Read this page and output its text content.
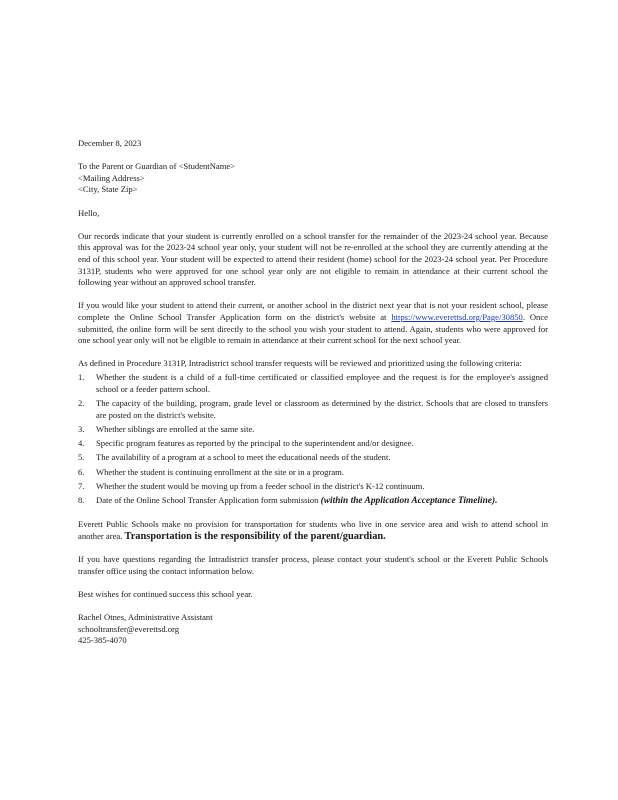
December 8, 2023

To the Parent or Guardian of <StudentName>
<Mailing Address>
<City, State Zip>

Hello,

Our records indicate that your student is currently enrolled on a school transfer for the remainder of the 2023-24 school year. Because this approval was for the 2023-24 school year only, your student will not be re-enrolled at the school they are currently attending at the end of this school year. Your student will be expected to attend their resident (home) school for the 2023-24 school year. Per Procedure 3131P, students who were approved for one school year only are not eligible to remain in attendance at their current school the following year without an approved school transfer.

If you would like your student to attend their current, or another school in the district next year that is not your resident school, please complete the Online School Transfer Application form on the district's website at https://www.everettsd.org/Page/30850. Once submitted, the online form will be sent directly to the school you wish your student to attend. Again, students who were approved for one school year only will not be eligible to remain in attendance at their current school for the next school year.

As defined in Procedure 3131P, Intradistrict school transfer requests will be reviewed and prioritized using the following criteria:

1. Whether the student is a child of a full-time certificated or classified employee and the request is for the employee's assigned school or a feeder pattern school.
2. The capacity of the building, program, grade level or classroom as determined by the district. Schools that are closed to transfers are posted on the district's website.
3. Whether siblings are enrolled at the same site.
4. Specific program features as reported by the principal to the superintendent and/or designee.
5. The availability of a program at a school to meet the educational needs of the student.
6. Whether the student is continuing enrollment at the site or in a program.
7. Whether the student would be moving up from a feeder school in the district's K-12 continuum.
8. Date of the Online School Transfer Application form submission (within the Application Acceptance Timeline).

Everett Public Schools make no provision for transportation for students who live in one service area and wish to attend school in another area. Transportation is the responsibility of the parent/guardian.

If you have questions regarding the Intradistrict transfer process, please contact your student's school or the Everett Public Schools transfer office using the contact information below.

Best wishes for continued success this school year.

Rachel Otnes, Administrative Assistant
schooltransfer@everettsd.org
425-385-4070
